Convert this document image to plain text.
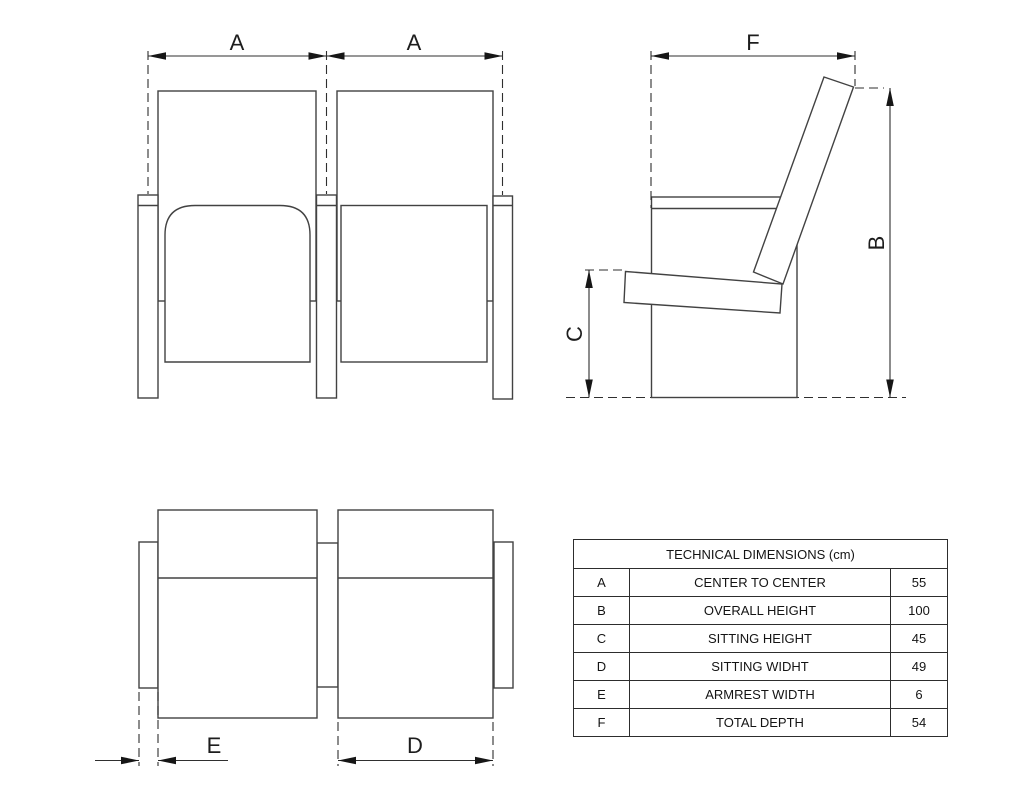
A	A	F
B
C
E	D
TECHNICAL DIMENSIONS (cm)		
A	CENTER TO CENTER	55
B	OVERALL HEIGHT	100
C	SITTING HEIGHT	45
D	SITTING WIDHT	49
E	ARMREST WIDTH	6
F	TOTAL DEPTH	54
